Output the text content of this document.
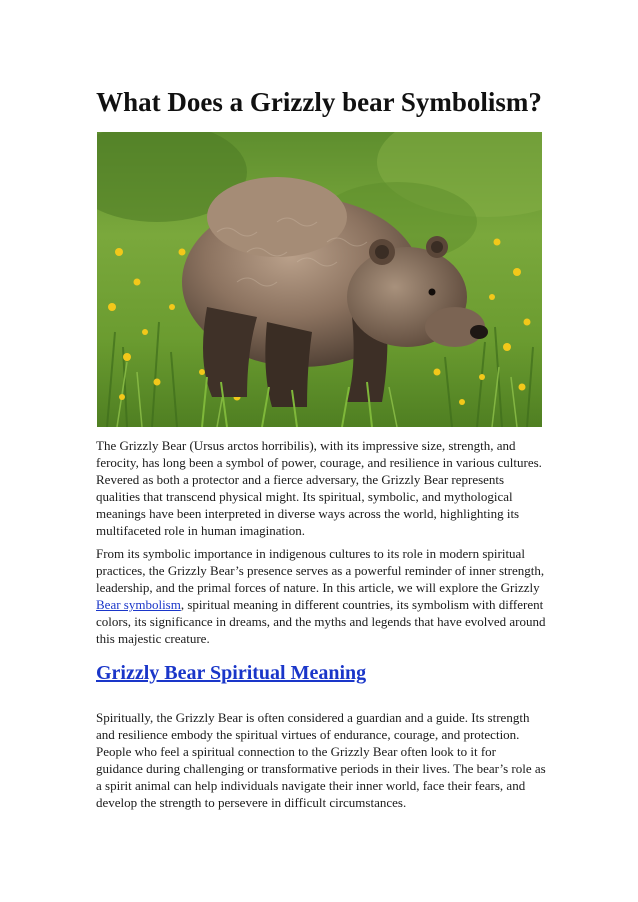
What Does a Grizzly bear Symbolism?

The Grizzly Bear (Ursus arctos horribilis), with its impressive size, strength, and ferocity, has long been a symbol of power, courage, and resilience in various cultures. Revered as both a protector and a fierce adversary, the Grizzly Bear represents qualities that transcend physical might. Its spiritual, symbolic, and mythological meanings have been interpreted in diverse ways across the world, highlighting its multifaceted role in human imagination.

From its symbolic importance in indigenous cultures to its role in modern spiritual practices, the Grizzly Bear’s presence serves as a powerful reminder of inner strength, leadership, and the primal forces of nature. In this article, we will explore the Grizzly Bear symbolism, spiritual meaning in different countries, its symbolism with different colors, its significance in dreams, and the myths and legends that have evolved around this majestic creature.

Grizzly Bear Spiritual Meaning

Spiritually, the Grizzly Bear is often considered a guardian and a guide. Its strength and resilience embody the spiritual virtues of endurance, courage, and protection. People who feel a spiritual connection to the Grizzly Bear often look to it for guidance during challenging or transformative periods in their lives. The bear’s role as a spirit animal can help individuals navigate their inner world, face their fears, and develop the strength to persevere in difficult circumstances.
